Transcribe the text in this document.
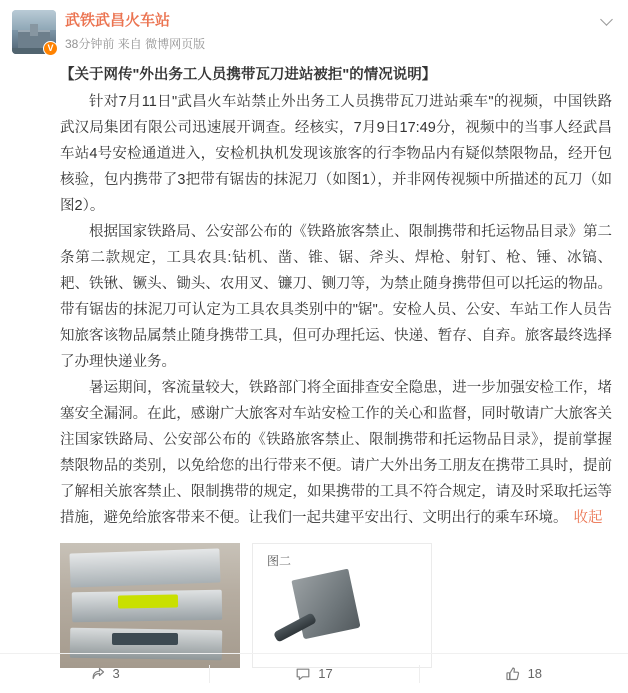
V
武铁武昌火车站
38分钟前 来自 微博网页版
【关于网传"外出务工人员携带瓦刀进站被拒"的情况说明】

针对7月11日"武昌火车站禁止外出务工人员携带瓦刀进站乘车"的视频，中国铁路武汉局集团有限公司迅速展开调查。经核实，7月9日17:49分，视频中的当事人经武昌车站4号安检通道进入，安检机执机发现该旅客的行李物品内有疑似禁限物品，经开包核验，包内携带了3把带有锯齿的抹泥刀（如图1），并非网传视频中所描述的瓦刀（如图2）。

根据国家铁路局、公安部公布的《铁路旅客禁止、限制携带和托运物品目录》第二条第二款规定，工具农具:钻机、凿、锥、锯、斧头、焊枪、射钉、枪、锤、冰镐、耙、铁锹、镢头、锄头、农用叉、镰刀、铡刀等，为禁止随身携带但可以托运的物品。带有锯齿的抹泥刀可认定为工具农具类别中的"锯"。安检人员、公安、车站工作人员告知旅客该物品属禁止随身携带工具，但可办理托运、快递、暂存、自弃。旅客最终选择了办理快递业务。

暑运期间，客流量较大，铁路部门将全面排查安全隐患，进一步加强安检工作，堵塞安全漏洞。在此，感谢广大旅客对车站安检工作的关心和监督，同时敬请广大旅客关注国家铁路局、公安部公布的《铁路旅客禁止、限制携带和托运物品目录》，提前掌握禁限物品的类别，以免给您的出行带来不便。请广大外出务工朋友在携带工具时，提前了解相关旅客禁止、限制携带的规定，如果携带的工具不符合规定，请及时采取托运等措施，避免给旅客带来不便。让我们一起共建平安出行、文明出行的乘车环境。 收起

图二
3	17	18
